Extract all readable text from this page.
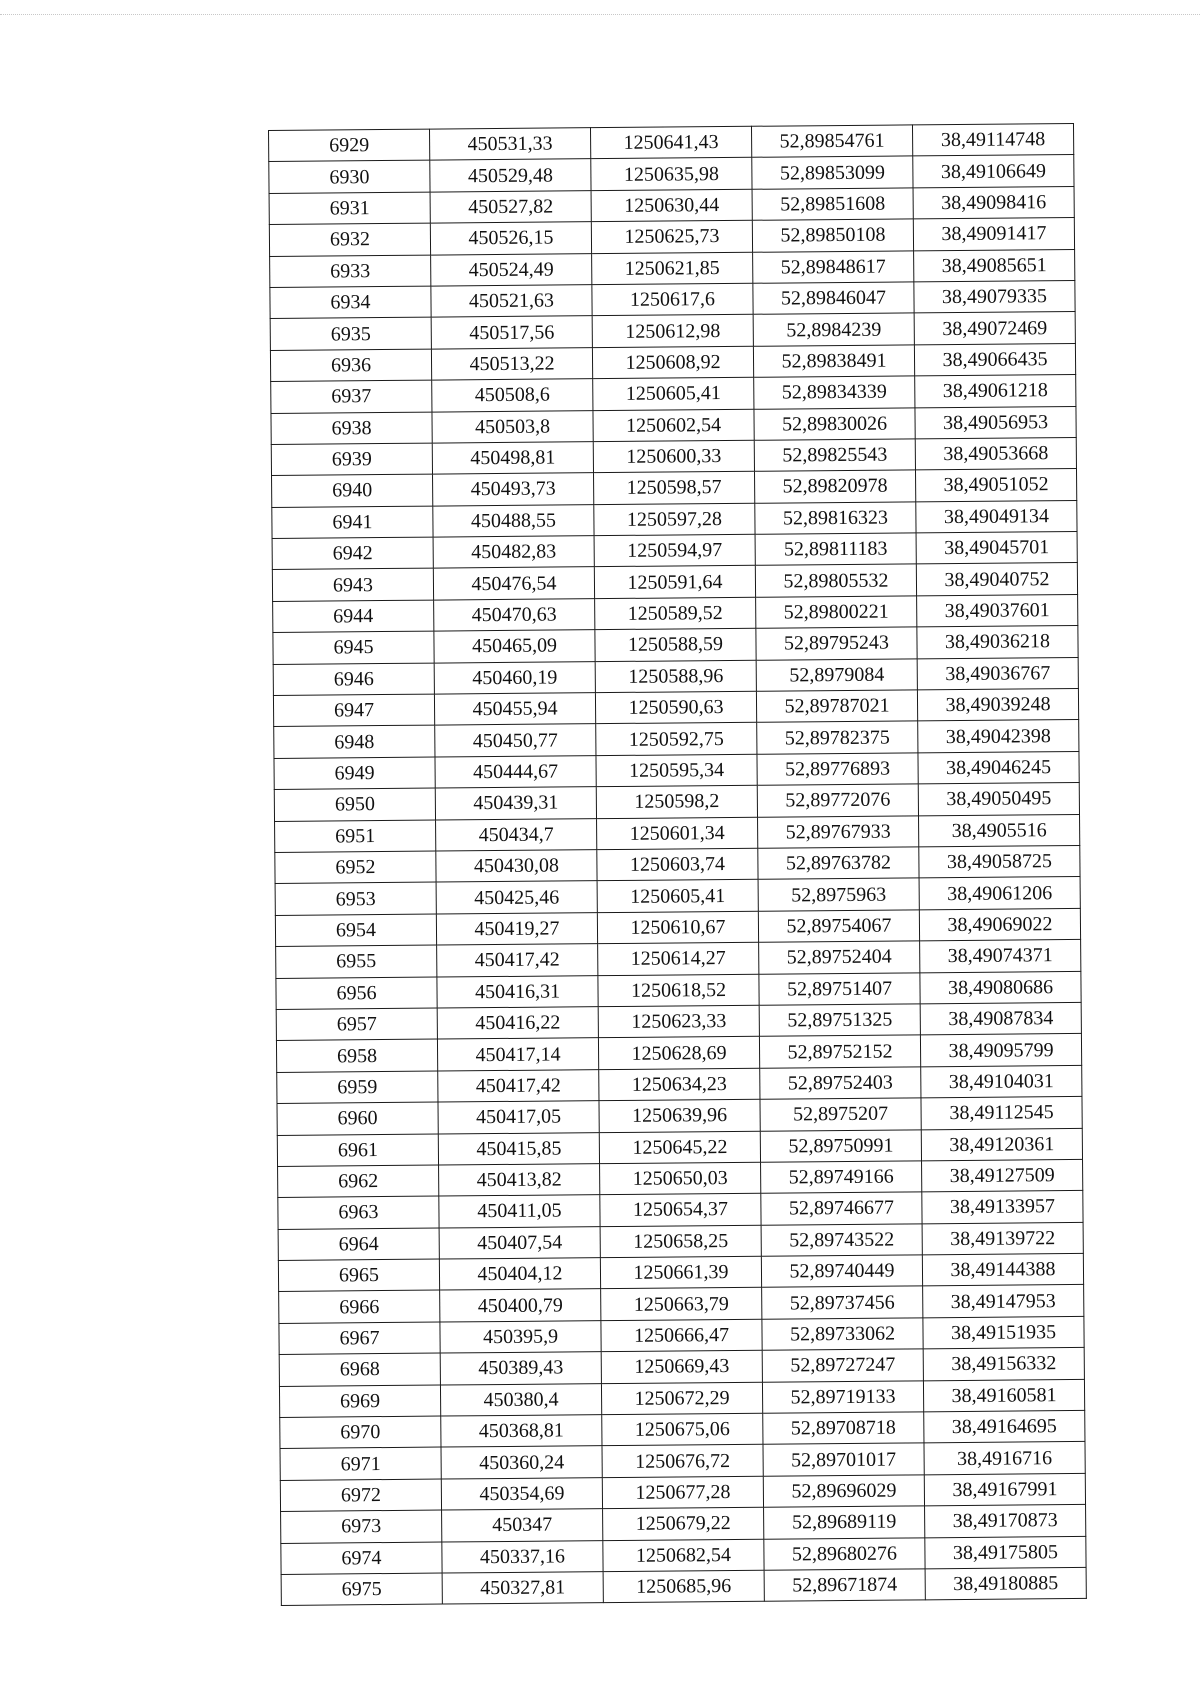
6929	450531,33	1250641,43	52,89854761	38,49114748
6930	450529,48	1250635,98	52,89853099	38,49106649
6931	450527,82	1250630,44	52,89851608	38,49098416
6932	450526,15	1250625,73	52,89850108	38,49091417
6933	450524,49	1250621,85	52,89848617	38,49085651
6934	450521,63	1250617,6	52,89846047	38,49079335
6935	450517,56	1250612,98	52,8984239	38,49072469
6936	450513,22	1250608,92	52,89838491	38,49066435
6937	450508,6	1250605,41	52,89834339	38,49061218
6938	450503,8	1250602,54	52,89830026	38,49056953
6939	450498,81	1250600,33	52,89825543	38,49053668
6940	450493,73	1250598,57	52,89820978	38,49051052
6941	450488,55	1250597,28	52,89816323	38,49049134
6942	450482,83	1250594,97	52,89811183	38,49045701
6943	450476,54	1250591,64	52,89805532	38,49040752
6944	450470,63	1250589,52	52,89800221	38,49037601
6945	450465,09	1250588,59	52,89795243	38,49036218
6946	450460,19	1250588,96	52,8979084	38,49036767
6947	450455,94	1250590,63	52,89787021	38,49039248
6948	450450,77	1250592,75	52,89782375	38,49042398
6949	450444,67	1250595,34	52,89776893	38,49046245
6950	450439,31	1250598,2	52,89772076	38,49050495
6951	450434,7	1250601,34	52,89767933	38,4905516
6952	450430,08	1250603,74	52,89763782	38,49058725
6953	450425,46	1250605,41	52,8975963	38,49061206
6954	450419,27	1250610,67	52,89754067	38,49069022
6955	450417,42	1250614,27	52,89752404	38,49074371
6956	450416,31	1250618,52	52,89751407	38,49080686
6957	450416,22	1250623,33	52,89751325	38,49087834
6958	450417,14	1250628,69	52,89752152	38,49095799
6959	450417,42	1250634,23	52,89752403	38,49104031
6960	450417,05	1250639,96	52,8975207	38,49112545
6961	450415,85	1250645,22	52,89750991	38,49120361
6962	450413,82	1250650,03	52,89749166	38,49127509
6963	450411,05	1250654,37	52,89746677	38,49133957
6964	450407,54	1250658,25	52,89743522	38,49139722
6965	450404,12	1250661,39	52,89740449	38,49144388
6966	450400,79	1250663,79	52,89737456	38,49147953
6967	450395,9	1250666,47	52,89733062	38,49151935
6968	450389,43	1250669,43	52,89727247	38,49156332
6969	450380,4	1250672,29	52,89719133	38,49160581
6970	450368,81	1250675,06	52,89708718	38,49164695
6971	450360,24	1250676,72	52,89701017	38,4916716
6972	450354,69	1250677,28	52,89696029	38,49167991
6973	450347	1250679,22	52,89689119	38,49170873
6974	450337,16	1250682,54	52,89680276	38,49175805
6975	450327,81	1250685,96	52,89671874	38,49180885
